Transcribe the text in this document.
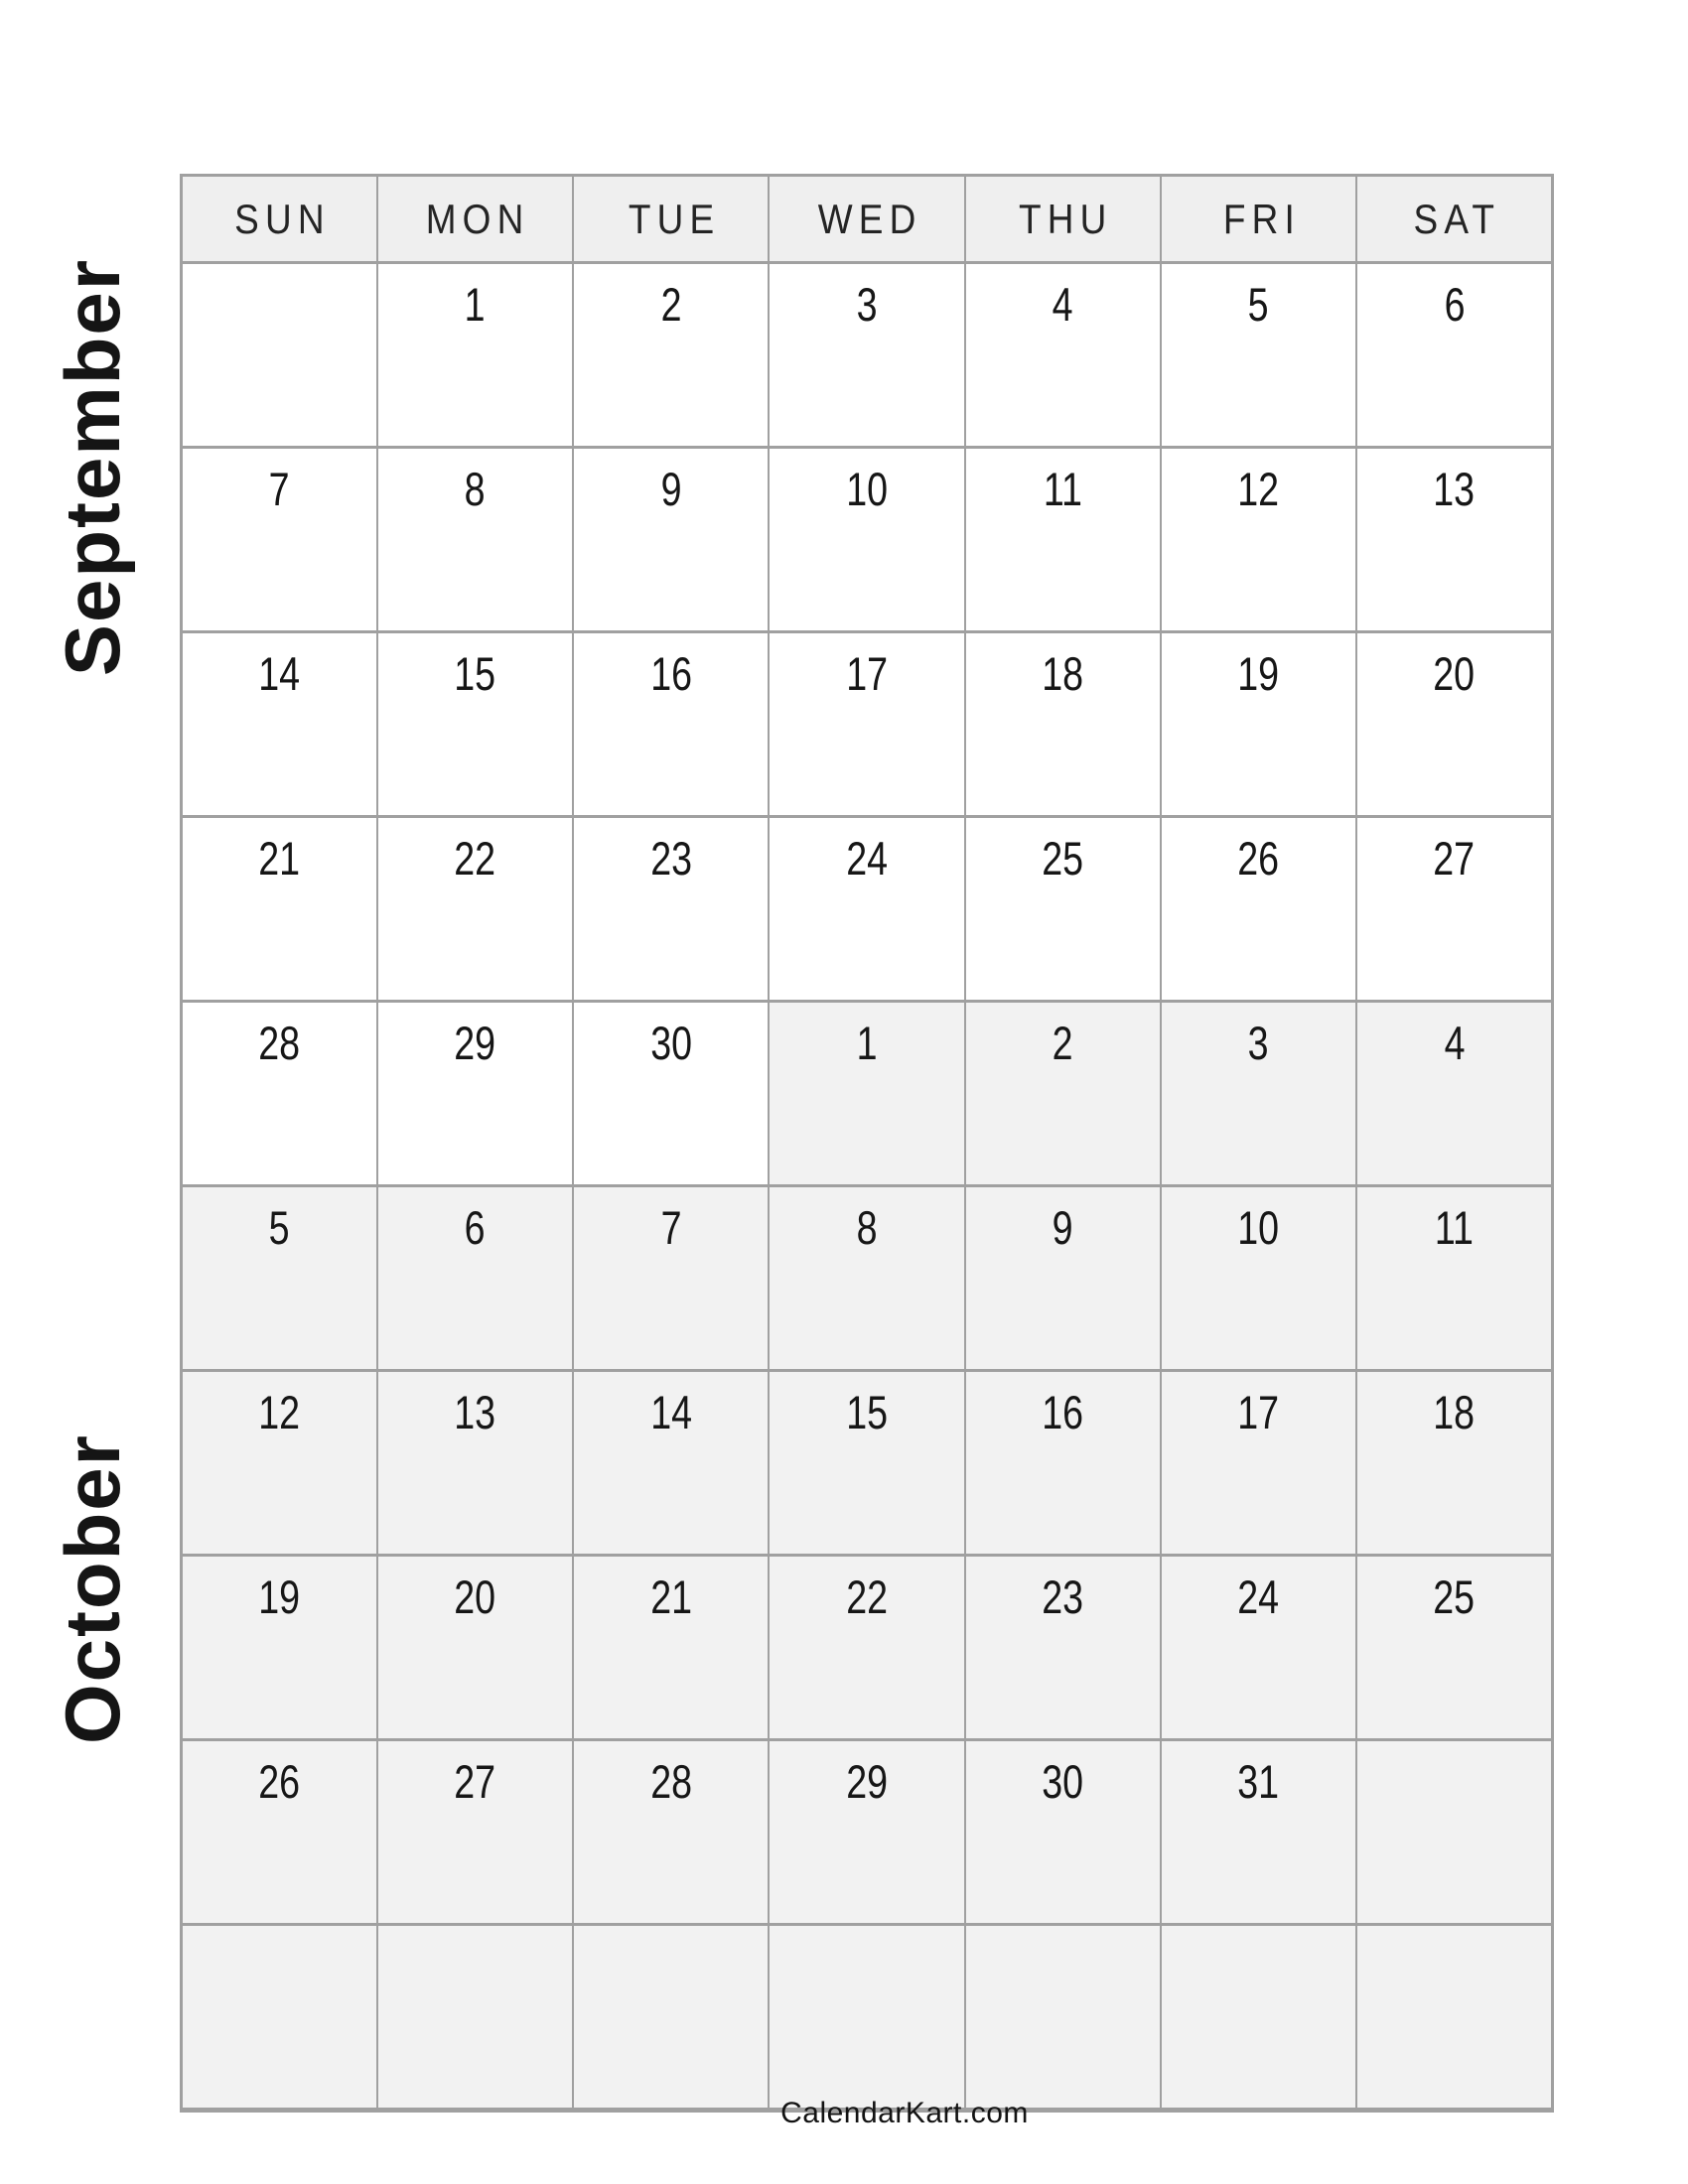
September
October
SUN	MON	TUE	WED	THU	FRI	SAT
	1	2	3	4	5	6
7	8	9	10	11	12	13
14	15	16	17	18	19	20
21	22	23	24	25	26	27
28	29	30	1	2	3	4
5	6	7	8	9	10	11
12	13	14	15	16	17	18
19	20	21	22	23	24	25
26	27	28	29	30	31	

CalendarKart.com
